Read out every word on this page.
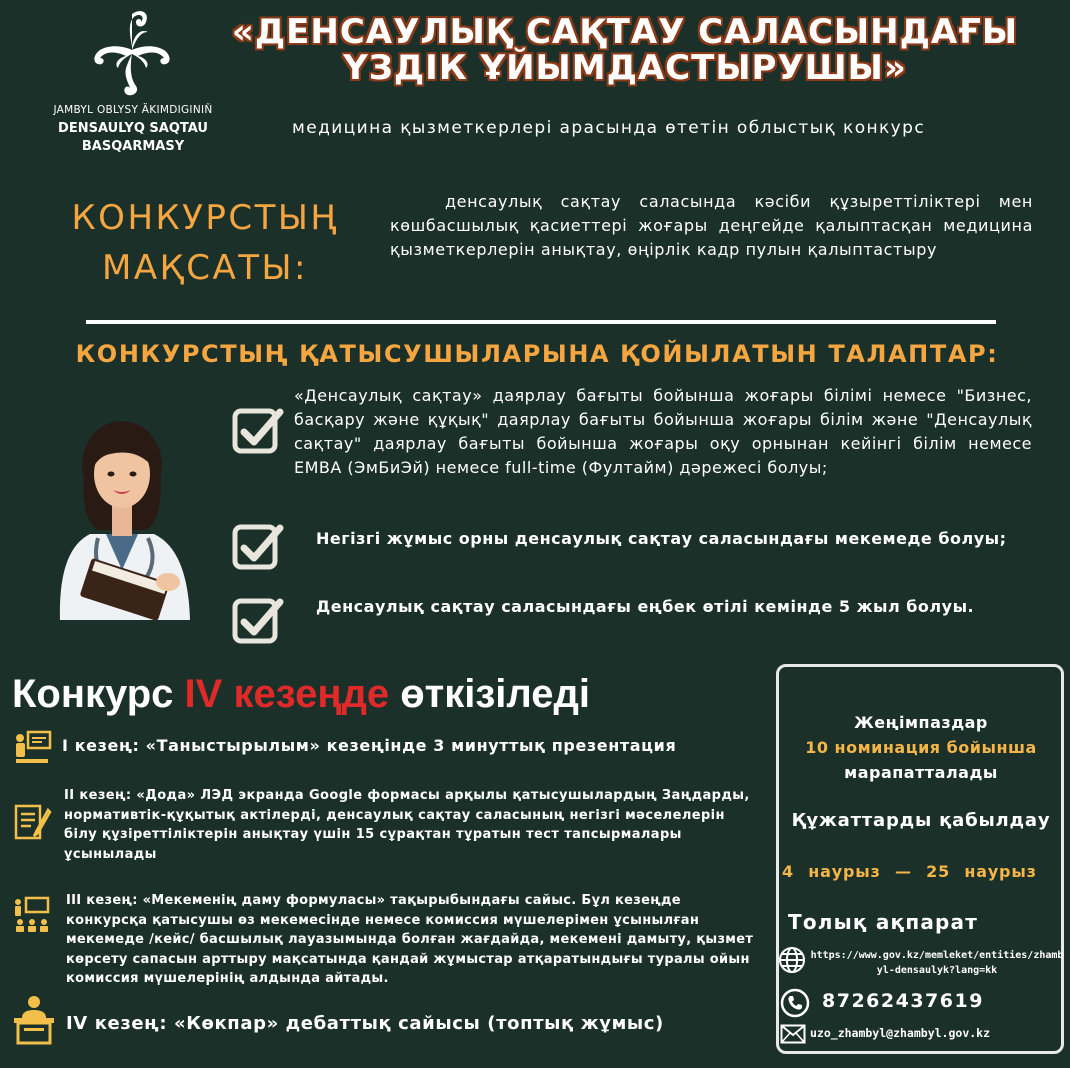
JAMBYL OBLYSY ÄKIMDIGINIŇ
DENSAULYQ SAQTAU
BASQARMASY
«ДЕНСАУЛЫҚ САҚТАУ САЛАСЫНДАҒЫ
ҮЗДІК ҰЙЫМДАСТЫРУШЫ»
медицина қызметкерлері арасында өтетін облыстық конкурс
КОНКУРСТЫҢ
МАҚСАТЫ:
денсаулық сақтау саласында кәсіби құзыреттіліктері мен көшбасшылық қасиеттері жоғары деңгейде қалыптасқан медицина қызметкерлерін анықтау, өңірлік кадр пулын қалыптастыру
КОНКУРСТЫҢ ҚАТЫСУШЫЛАРЫНА ҚОЙЫЛАТЫН ТАЛАПТАР:
«Денсаулық сақтау» даярлау бағыты бойынша жоғары білімі немесе "Бизнес, басқару және құқық" даярлау бағыты бойынша жоғары білім және "Денсаулық сақтау" даярлау бағыты бойынша жоғары оқу орнынан кейінгі білім немесе EMBA (ЭмБиЭй) немесе full-time (Фултайм) дәрежесі болуы;
Негізгі жұмыс орны денсаулық сақтау саласындағы мекемеде болуы;
Денсаулық сақтау саласындағы еңбек өтілі кемінде 5 жыл болуы.
Конкурс IV кезеңде өткізіледі
І кезең: «Таныстырылым» кезеңінде 3 минуттық презентация
ІІ кезең: «Дода» ЛЭД экранда Google формасы арқылы қатысушылардың Заңдарды, нормативтік-құқытық актілерді, денсаулық сақтау саласының негізгі мәселелерін білу құзіреттіліктерін анықтау үшін 15 сұрақтан тұратын тест тапсырмалары ұсынылады
ІІІ кезең: «Мекеменің даму формуласы» тақырыбындағы сайыс. Бұл кезеңде конкурсқа қатысушы өз мекемесінде немесе комиссия мүшелерімен ұсынылған мекемеде /кейс/ басшылық лауазымында болған жағдайда, мекемені дамыту, қызмет көрсету сапасын арттыру мақсатында қандай жұмыстар атқаратындығы туралы ойын комиссия мүшелерінің алдында айтады.
IV кезең: «Көкпар» дебаттық сайысы (топтық жұмыс)
Жеңімпаздар
10 номинация бойынша
марапатталады
Құжаттарды қабылдау
4 наурыз — 25 наурыз
Толық ақпарат
https://www.gov.kz/memleket/entities/zhambyl-densaulyk?lang=kk
87262437619
uzo_zhambyl@zhambyl.gov.kz
